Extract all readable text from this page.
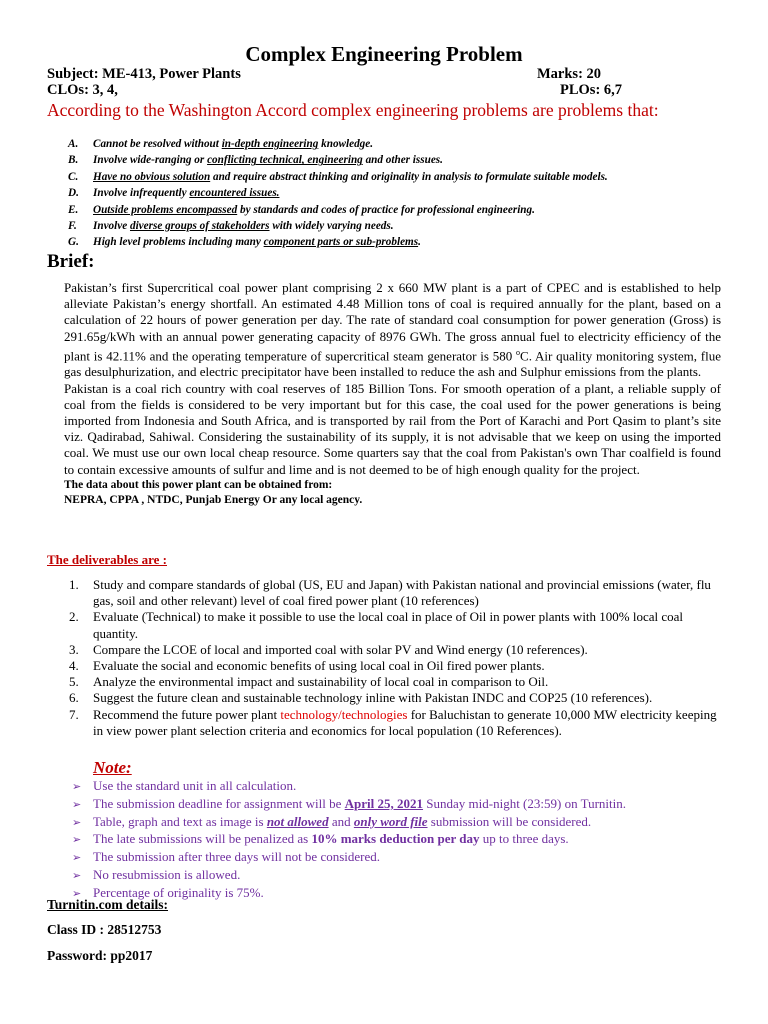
Complex Engineering Problem
Subject: ME-413, Power Plants	Marks: 20
CLOs: 3, 4,	PLOs: 6,7
According to the Washington Accord complex engineering problems are problems that:
A. Cannot be resolved without in-depth engineering knowledge.
B. Involve wide-ranging or conflicting technical, engineering and other issues.
C. Have no obvious solution and require abstract thinking and originality in analysis to formulate suitable models.
D. Involve infrequently encountered issues.
E. Outside problems encompassed by standards and codes of practice for professional engineering.
F. Involve diverse groups of stakeholders with widely varying needs.
G. High level problems including many component parts or sub-problems.
Brief:

Pakistan’s first Supercritical coal power plant comprising 2 x 660 MW plant is a part of CPEC and is established to help alleviate Pakistan’s energy shortfall. An estimated 4.48 Million tons of coal is required annually for the plant, based on a calculation of 22 hours of power generation per day. The rate of standard coal consumption for power generation (Gross) is 291.65g/kWh with an annual power generating capacity of 8976 GWh. The gross annual fuel to electricity efficiency of the plant is 42.11% and the operating temperature of supercritical steam generator is 580 $^o$C. Air quality monitoring system, flue gas desulphurization, and electric precipitator have been installed to reduce the ash and Sulphur emissions from the plants.

Pakistan is a coal rich country with coal reserves of 185 Billion Tons. For smooth operation of a plant, a reliable supply of coal from the fields is considered to be very important but for this case, the coal used for the power generations is being imported from Indonesia and South Africa, and is transported by rail from the Port of Karachi and Port Qasim to plant’s site viz. Qadirabad, Sahiwal. Considering the sustainability of its supply, it is not advisable that we keep on using the imported coal. We must use our own local cheap resource. Some quarters say that the coal from Pakistan's own Thar coalfield is found to contain excessive amounts of sulfur and lime and is not deemed to be of high enough quality for the project.

The data about this power plant can be obtained from:

NEPRA, CPPA , NTDC, Punjab Energy Or any local agency.

The deliverables are :
1. Study and compare standards of global (US, EU and Japan) with Pakistan national and provincial emissions (water, flu gas, soil and other relevant) level of coal fired power plant (10 references)
2. Evaluate (Technical) to make it possible to use the local coal in place of Oil in power plants with 100% local coal quantity.
3. Compare the LCOE of local and imported coal with solar PV and Wind energy (10 references).
4. Evaluate the social and economic benefits of using local coal in Oil fired power plants.
5. Analyze the environmental impact and sustainability of local coal in comparison to Oil.
6. Suggest the future clean and sustainable technology inline with Pakistan INDC and COP25 (10 references).
7. Recommend the future power plant technology/technologies for Baluchistan to generate 10,000 MW electricity keeping in view power plant selection criteria and economics for local population (10 References).
Note:
➢ Use the standard unit in all calculation.
➢ The submission deadline for assignment will be April 25, 2021 Sunday mid-night (23:59) on Turnitin.
➢ Table, graph and text as image is not allowed and only word file submission will be considered.
➢ The late submissions will be penalized as 10% marks deduction per day up to three days.
➢ The submission after three days will not be considered.
➢ No resubmission is allowed.
➢ Percentage of originality is 75%.
Turnitin.com details:
Class ID : 28512753
Password: pp2017
